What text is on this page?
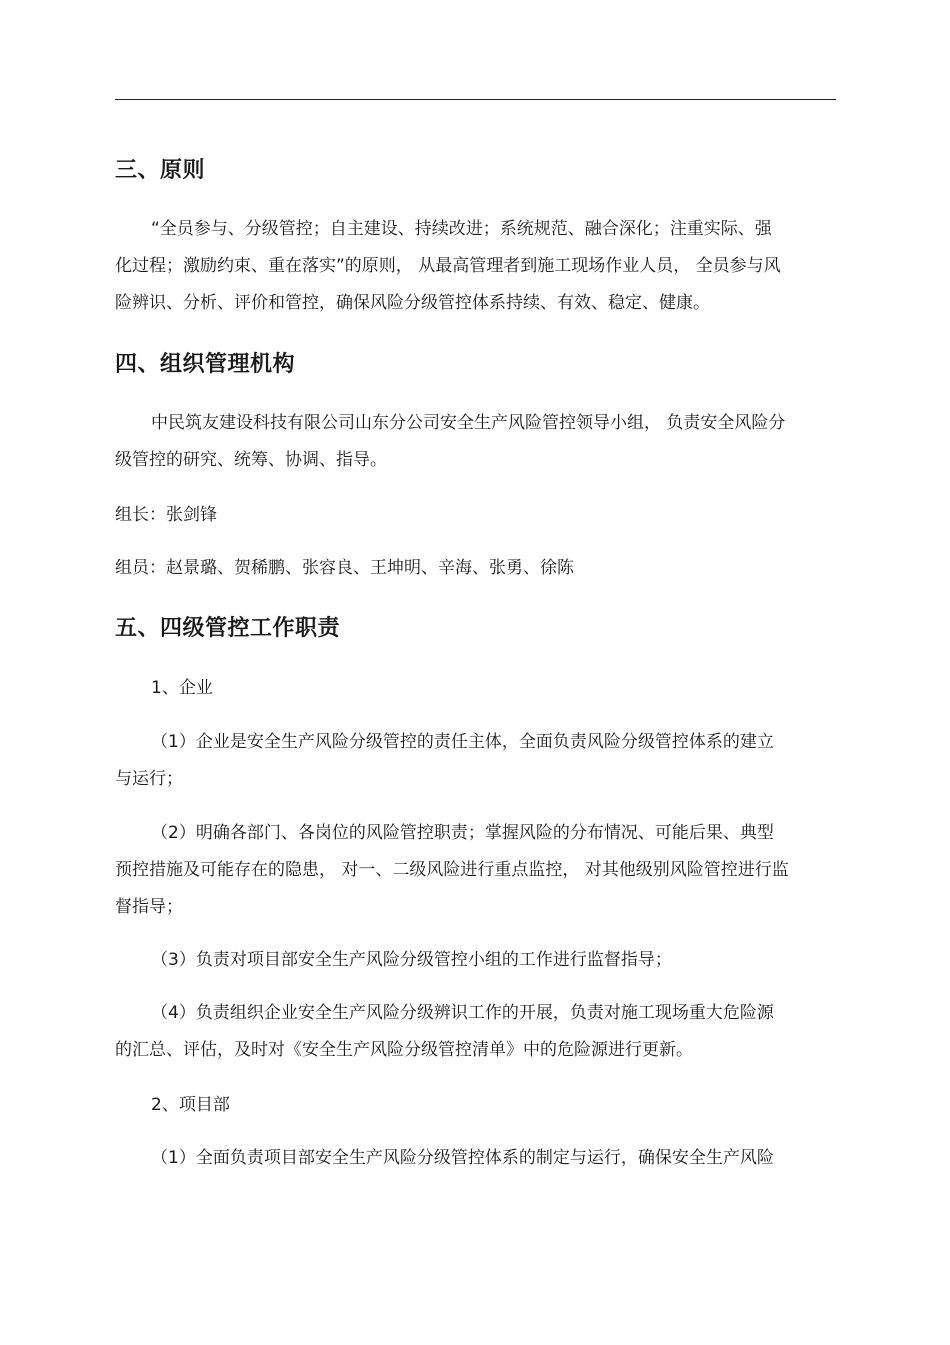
三、原则
“全员参与、分级管控；自主建设、持续改进；系统规范、融合深化；注重实际、强
化过程；激励约束、重在落实”的原则， 从最高管理者到施工现场作业人员， 全员参与风
险辨识、分析、评价和管控，确保风险分级管控体系持续、有效、稳定、健康。
四、组织管理机构
中民筑友建设科技有限公司山东分公司安全生产风险管控领导小组， 负责安全风险分
级管控的研究、统筹、协调、指导。
组长：张剑锋
组员：赵景璐、贺稀鹏、张容良、王坤明、辛海、张勇、徐陈
五、四级管控工作职责
1、企业
（1）企业是安全生产风险分级管控的责任主体，全面负责风险分级管控体系的建立
与运行；
（2）明确各部门、各岗位的风险管控职责；掌握风险的分布情况、可能后果、典型
预控措施及可能存在的隐患， 对一、二级风险进行重点监控， 对其他级别风险管控进行监
督指导；
（3）负责对项目部安全生产风险分级管控小组的工作进行监督指导；
（4）负责组织企业安全生产风险分级辨识工作的开展，负责对施工现场重大危险源
的汇总、评估，及时对《安全生产风险分级管控清单》中的危险源进行更新。
2、项目部
（1）全面负责项目部安全生产风险分级管控体系的制定与运行，确保安全生产风险
